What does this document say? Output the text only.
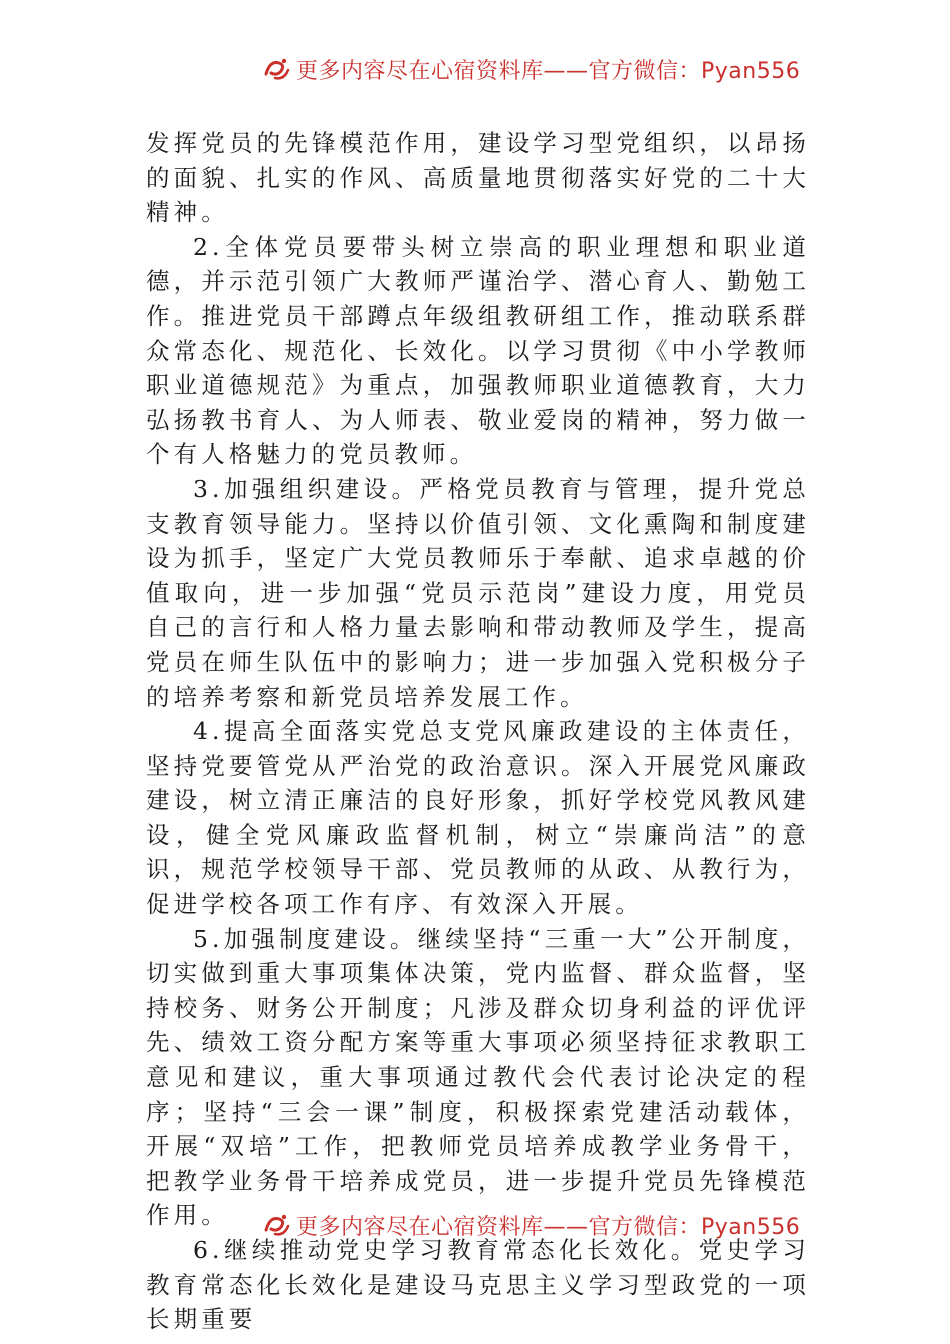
更多内容尽在心宿资料库——官方微信：Pyan556

发挥党员的先锋模范作用，建设学习型党组织，以昂扬的面貌、扎实的作风、高质量地贯彻落实好党的二十大精神。

2.全体党员要带头树立崇高的职业理想和职业道德，并示范引领广大教师严谨治学、潜心育人、勤勉工作。推进党员干部蹲点年级组教研组工作，推动联系群众常态化、规范化、长效化。以学习贯彻《中小学教师职业道德规范》为重点，加强教师职业道德教育，大力弘扬教书育人、为人师表、敬业爱岗的精神，努力做一个有人格魅力的党员教师。

3.加强组织建设。严格党员教育与管理，提升党总支教育领导能力。坚持以价值引领、文化熏陶和制度建设为抓手，坚定广大党员教师乐于奉献、追求卓越的价值取向，进一步加强“党员示范岗”建设力度，用党员自己的言行和人格力量去影响和带动教师及学生，提高党员在师生队伍中的影响力；进一步加强入党积极分子的培养考察和新党员培养发展工作。

4.提高全面落实党总支党风廉政建设的主体责任，坚持党要管党从严治党的政治意识。深入开展党风廉政建设，树立清正廉洁的良好形象，抓好学校党风教风建设，健全党风廉政监督机制，树立“崇廉尚洁”的意识，规范学校领导干部、党员教师的从政、从教行为，促进学校各项工作有序、有效深入开展。

5.加强制度建设。继续坚持“三重一大”公开制度，切实做到重大事项集体决策，党内监督、群众监督，坚持校务、财务公开制度；凡涉及群众切身利益的评优评先、绩效工资分配方案等重大事项必须坚持征求教职工意见和建议，重大事项通过教代会代表讨论决定的程序；坚持“三会一课”制度，积极探索党建活动载体，开展“双培”工作，把教师党员培养成教学业务骨干，把教学业务骨干培养成党员，进一步提升党员先锋模范作用。

6.继续推动党史学习教育常态化长效化。党史学习教育常态化长效化是建设马克思主义学习型政党的一项长期重要

更多内容尽在心宿资料库——官方微信：Pyan556
